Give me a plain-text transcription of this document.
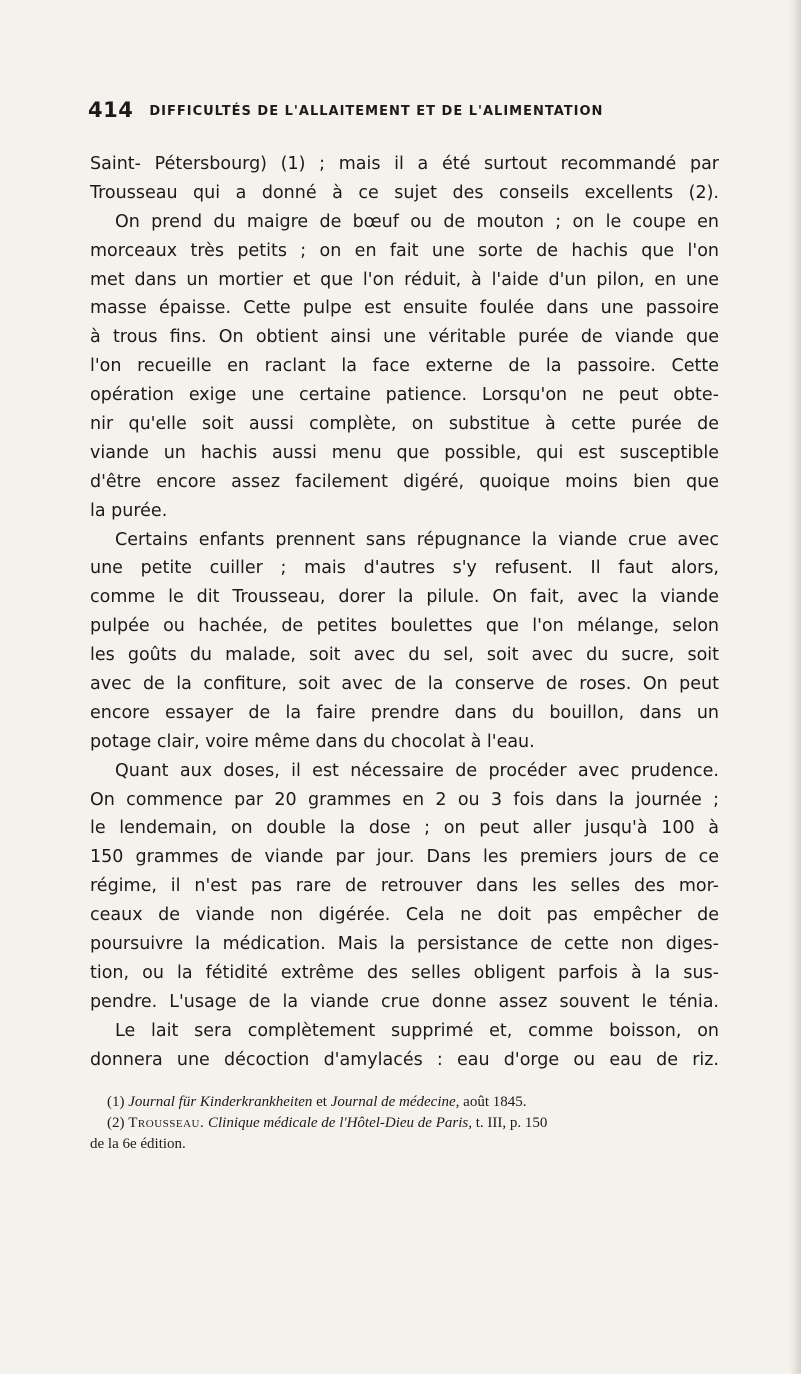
414 DIFFICULTÉS DE L'ALLAITEMENT ET DE L'ALIMENTATION
Saint- Pétersbourg) (1) ; mais il a été surtout recommandé par
Trousseau qui a donné à ce sujet des conseils excellents (2).
On prend du maigre de bœuf ou de mouton ; on le coupe en
morceaux très petits ; on en fait une sorte de hachis que l'on
met dans un mortier et que l'on réduit, à l'aide d'un pilon, en une
masse épaisse. Cette pulpe est ensuite foulée dans une passoire
à trous fins. On obtient ainsi une véritable purée de viande que
l'on recueille en raclant la face externe de la passoire. Cette
opération exige une certaine patience. Lorsqu'on ne peut obte-
nir qu'elle soit aussi complète, on substitue à cette purée de
viande un hachis aussi menu que possible, qui est susceptible
d'être encore assez facilement digéré, quoique moins bien que
la purée.
Certains enfants prennent sans répugnance la viande crue avec
une petite cuiller ; mais d'autres s'y refusent. Il faut alors,
comme le dit Trousseau, dorer la pilule. On fait, avec la viande
pulpée ou hachée, de petites boulettes que l'on mélange, selon
les goûts du malade, soit avec du sel, soit avec du sucre, soit
avec de la confiture, soit avec de la conserve de roses. On peut
encore essayer de la faire prendre dans du bouillon, dans un
potage clair, voire même dans du chocolat à l'eau.
Quant aux doses, il est nécessaire de procéder avec prudence.
On commence par 20 grammes en 2 ou 3 fois dans la journée ;
le lendemain, on double la dose ; on peut aller jusqu'à 100 à
150 grammes de viande par jour. Dans les premiers jours de ce
régime, il n'est pas rare de retrouver dans les selles des mor-
ceaux de viande non digérée. Cela ne doit pas empêcher de
poursuivre la médication. Mais la persistance de cette non diges-
tion, ou la fétidité extrême des selles obligent parfois à la sus-
pendre. L'usage de la viande crue donne assez souvent le ténia.
Le lait sera complètement supprimé et, comme boisson, on
donnera une décoction d'amylacés : eau d'orge ou eau de riz.
(1) Journal für Kinderkrankheiten et Journal de médecine, août 1845.
(2) Trousseau. Clinique médicale de l'Hôtel-Dieu de Paris, t. III, p. 150
de la 6e édition.
